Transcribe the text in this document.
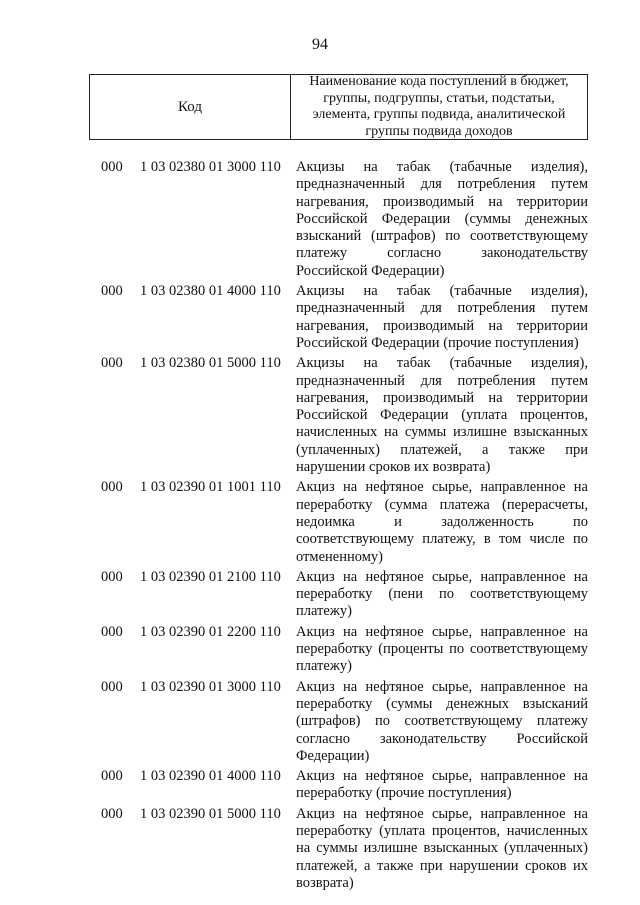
94
Код
Наименование кода поступлений в бюджет, группы, подгруппы, статьи, подстатьи, элемента, группы подвида, аналитической группы подвида доходов
000 1 03 02380 01 3000 110 Акцизы на табак (табачные изделия), предназначенный для потребления путем нагревания, производимый на территории Российской Федерации (суммы денежных взысканий (штрафов) по соответствующему платежу согласно законодательству Российской Федерации)
000 1 03 02380 01 4000 110 Акцизы на табак (табачные изделия), предназначенный для потребления путем нагревания, производимый на территории Российской Федерации (прочие поступления)
000 1 03 02380 01 5000 110 Акцизы на табак (табачные изделия), предназначенный для потребления путем нагревания, производимый на территории Российской Федерации (уплата процентов, начисленных на суммы излишне взысканных (уплаченных) платежей, а также при нарушении сроков их возврата)
000 1 03 02390 01 1001 110 Акциз на нефтяное сырье, направленное на переработку (сумма платежа (перерасчеты, недоимка и задолженность по соответствующему платежу, в том числе по отмененному)
000 1 03 02390 01 2100 110 Акциз на нефтяное сырье, направленное на переработку (пени по соответствующему платежу)
000 1 03 02390 01 2200 110 Акциз на нефтяное сырье, направленное на переработку (проценты по соответствующему платежу)
000 1 03 02390 01 3000 110 Акциз на нефтяное сырье, направленное на переработку (суммы денежных взысканий (штрафов) по соответствующему платежу согласно законодательству Российской Федерации)
000 1 03 02390 01 4000 110 Акциз на нефтяное сырье, направленное на переработку (прочие поступления)
000 1 03 02390 01 5000 110 Акциз на нефтяное сырье, направленное на переработку (уплата процентов, начисленных на суммы излишне взысканных (уплаченных) платежей, а также при нарушении сроков их возврата)
